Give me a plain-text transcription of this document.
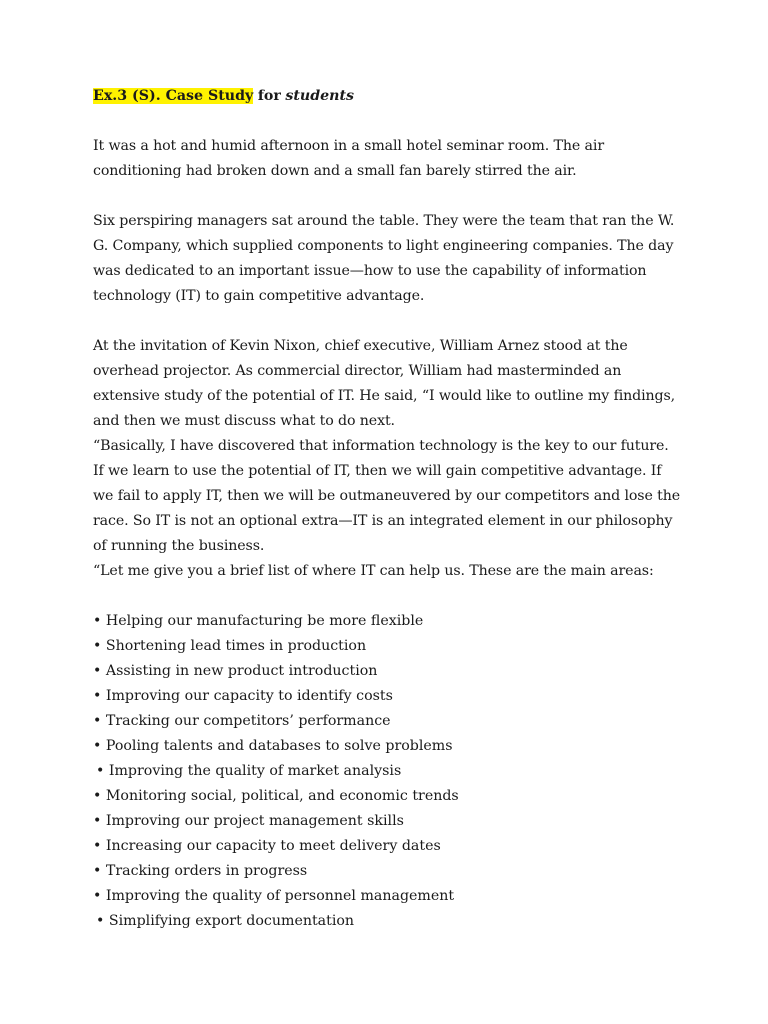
Ex.3 (S). Case Study for students

It was a hot and humid afternoon in a small hotel seminar room. The air conditioning had broken down and a small fan barely stirred the air.

Six perspiring managers sat around the table. They were the team that ran the W. G. Company, which supplied components to light engineering companies. The day was dedicated to an important issue—how to use the capability of information technology (IT) to gain competitive advantage.

At the invitation of Kevin Nixon, chief executive, William Arnez stood at the overhead projector. As commercial director, William had masterminded an extensive study of the potential of IT. He said, “I would like to outline my findings, and then we must discuss what to do next.

“Basically, I have discovered that information technology is the key to our future. If we learn to use the potential of IT, then we will gain competitive advantage. If we fail to apply IT, then we will be outmaneuvered by our competitors and lose the race. So IT is not an optional extra—IT is an integrated element in our philosophy of running the business.

“Let me give you a brief list of where IT can help us. These are the main areas:

• Helping our manufacturing be more flexible
• Shortening lead times in production
• Assisting in new product introduction
• Improving our capacity to identify costs
• Tracking our competitors’ performance
• Pooling talents and databases to solve problems
• Improving the quality of market analysis
• Monitoring social, political, and economic trends
• Improving our project management skills
• Increasing our capacity to meet delivery dates
• Tracking orders in progress
• Improving the quality of personnel management
• Simplifying export documentation
